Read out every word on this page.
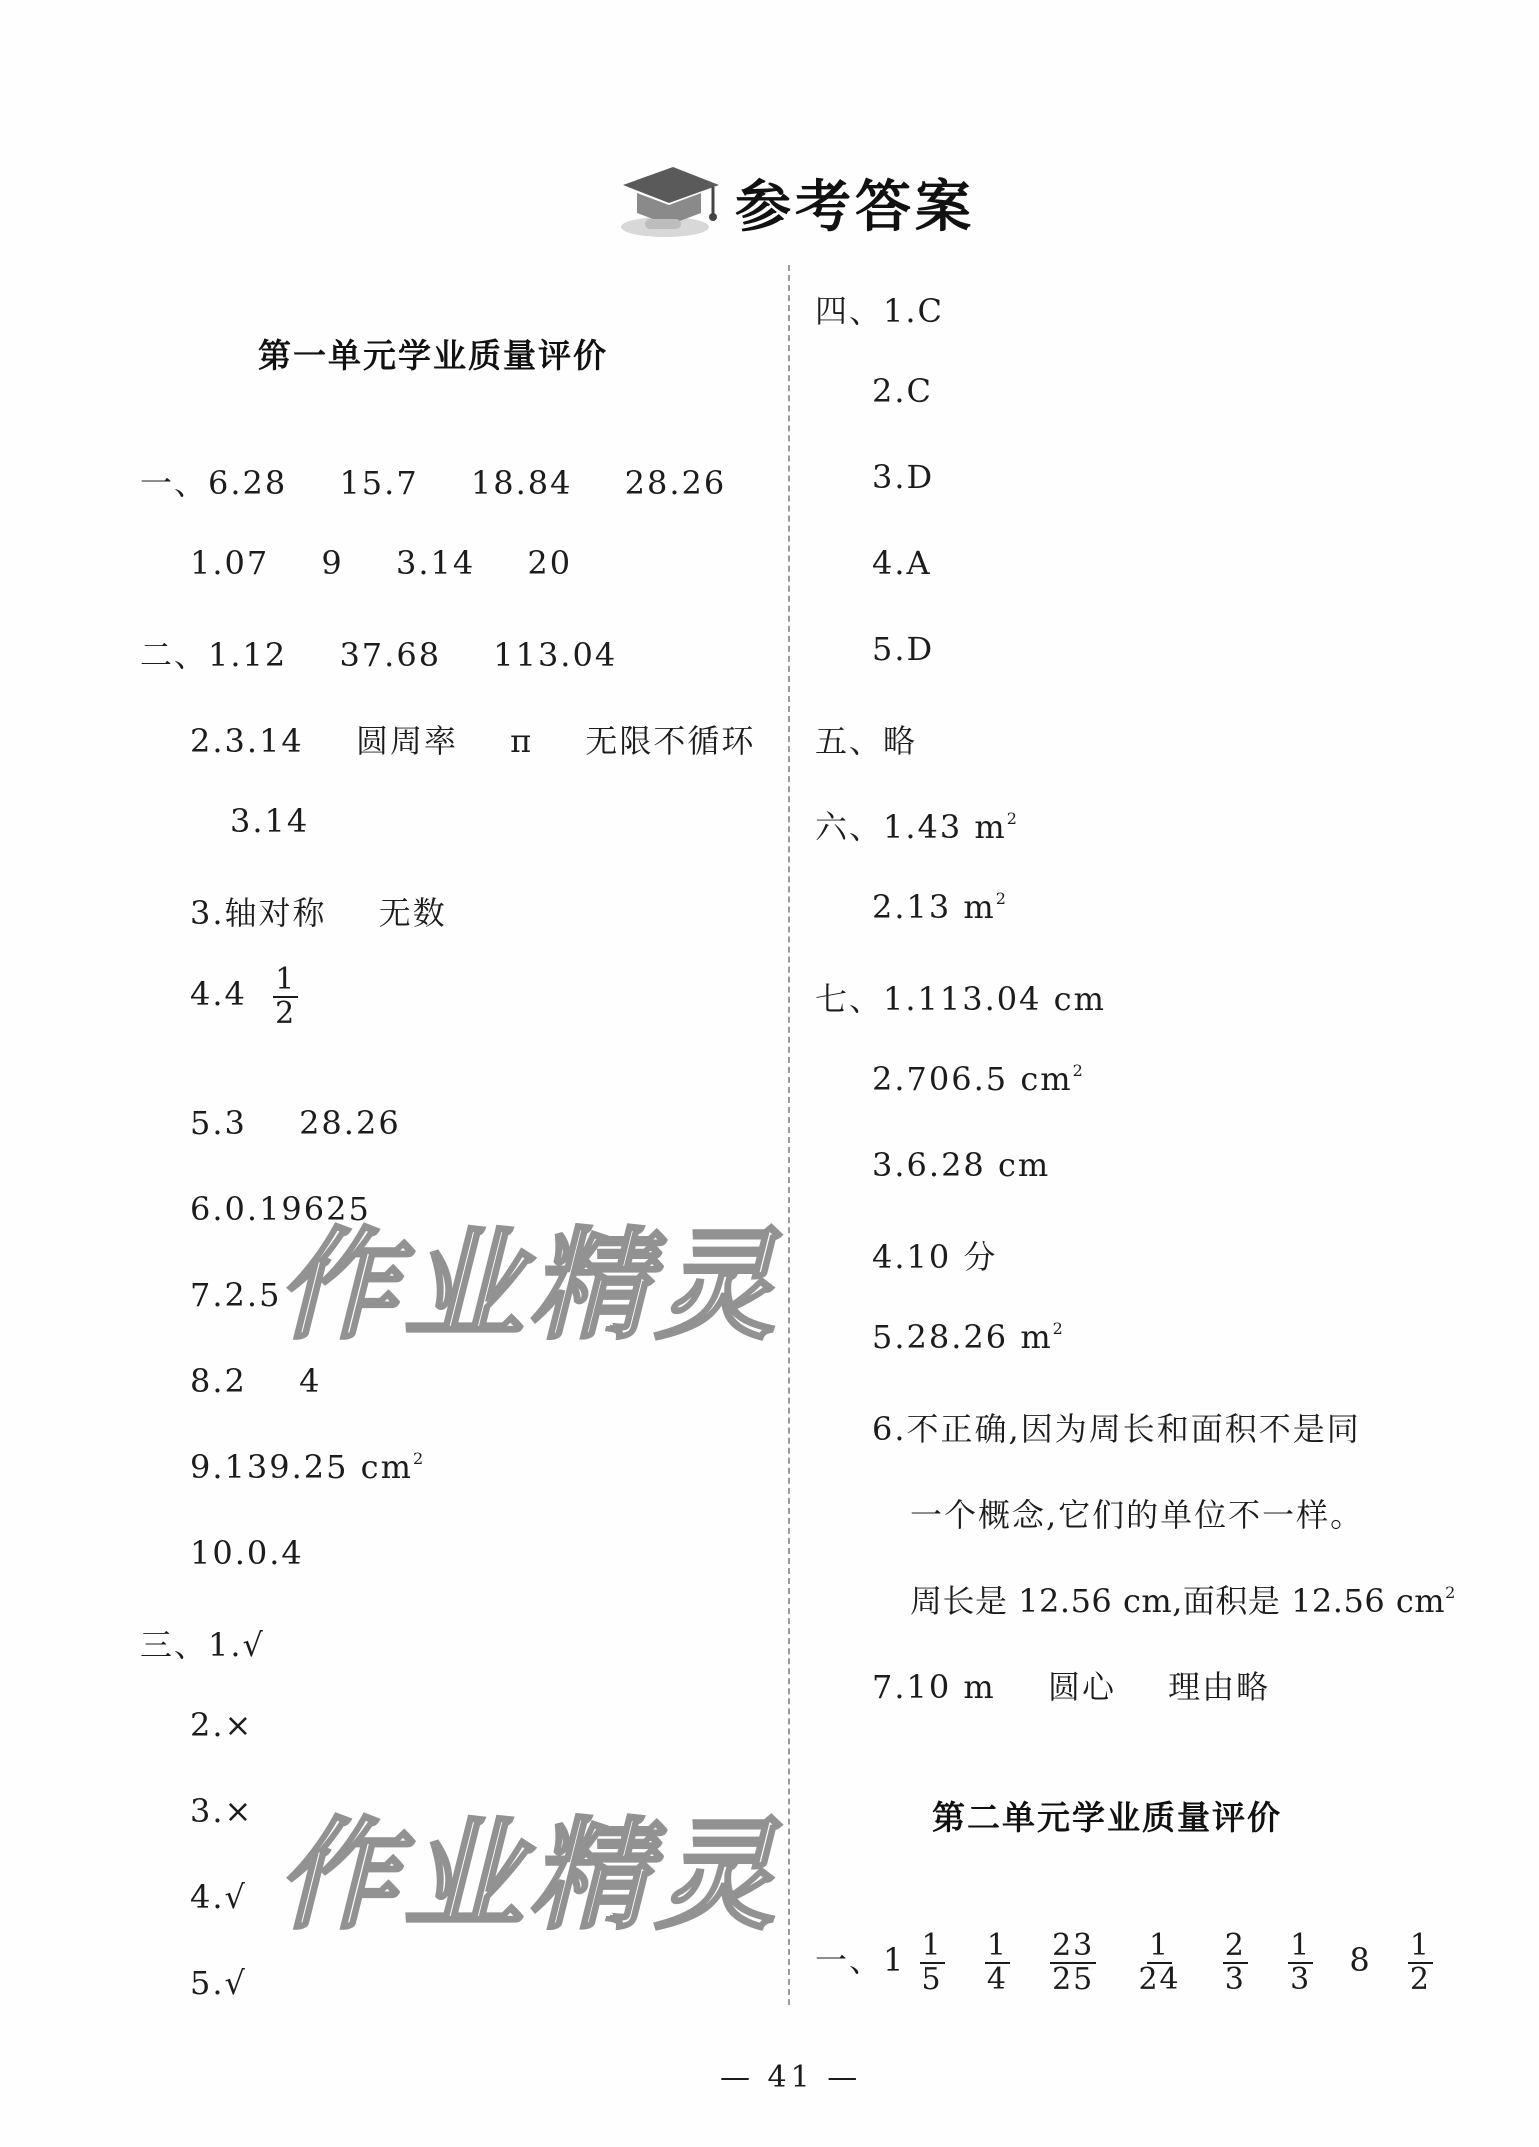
参考答案
第一单元学业质量评价
一、6.28 15.7 18.84 28.26
1.07 9 3.14 20
二、1.12 37.68 113.04
2.3.14 圆周率 π 无限不循环
3.14
3.轴对称 无数
$4.4 \frac{1}{2}$
5.3 28.26
6.0.19625
7.2.5
8.2 4
9.139.25 $cm^2$
10.0.4
三、1.√
2.×
3.×
4.√
5.√
四、1.C
2.C
3.D
4.A
5.D
五、略
六、1.43 $m^2$
2.13 $m^2$
七、1.113.04 cm
2.706.5 $cm^2$
3.6.28 cm
4.10 分
5.28.26 $m^2$
6.不正确,因为周长和面积不是同
一个概念,它们的单位不一样。
周长是 12.56 cm,面积是 12.56 $cm^2$
7.10 m 圆心 理由略
第二单元学业质量评价
一、$1 \frac{1}{5}$
$\frac{1}{4}$
$\frac{23}{25}$
$\frac{1}{24}$
$\frac{2}{3}$
$\frac{1}{3} 8 \frac{1}{2}$
作业精灵
作业精灵
— 41 —
